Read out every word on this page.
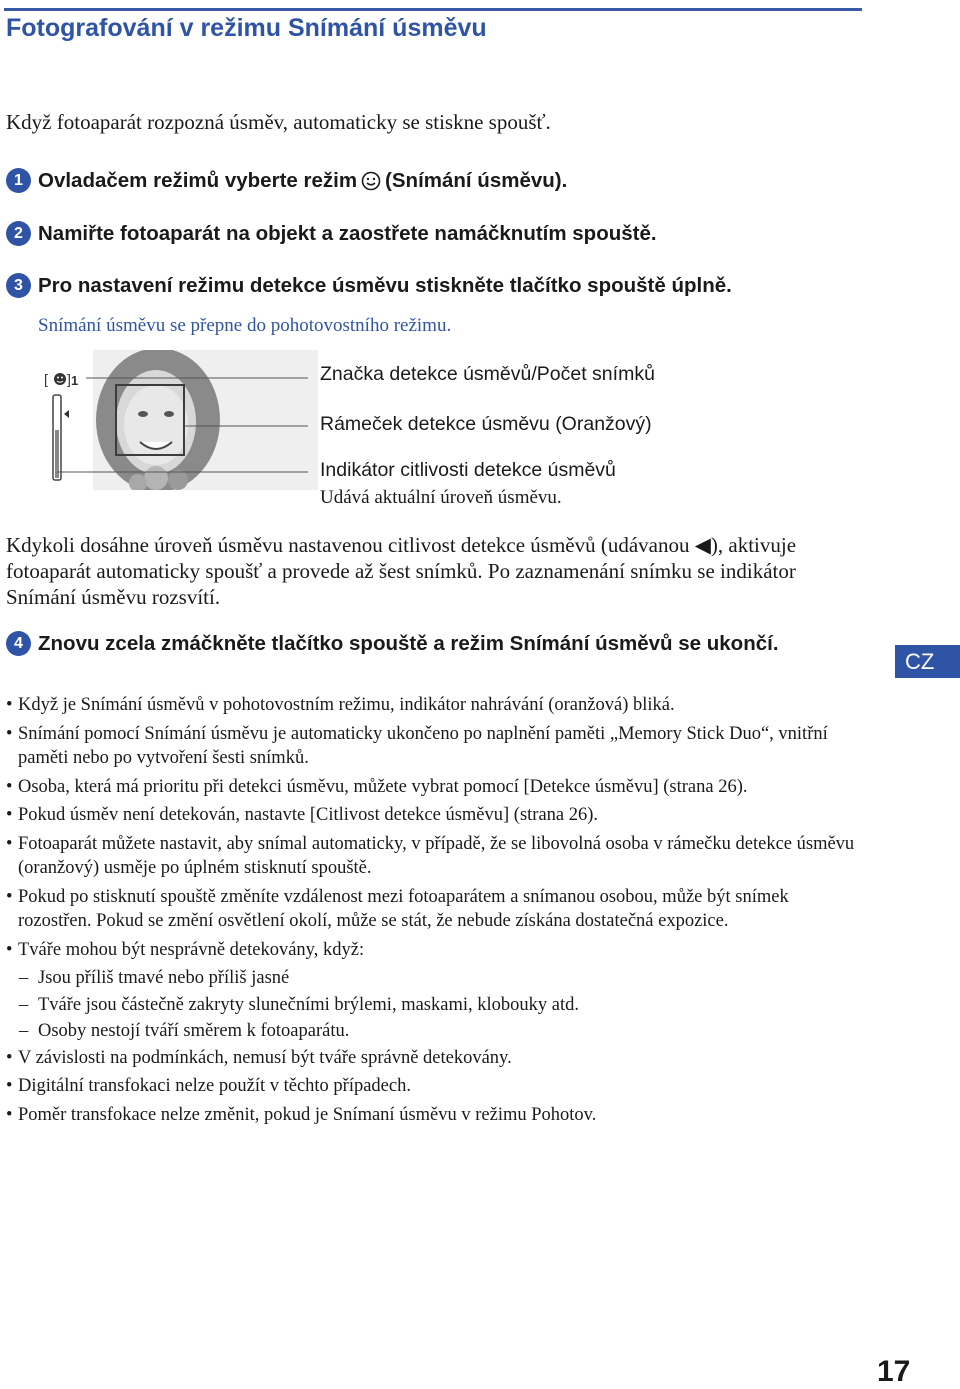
Fotografování v režimu Snímání úsměvu
Když fotoaparát rozpozná úsměv, automaticky se stiskne spoušť.
1 Ovladačem režimů vyberte režim (Snímání úsměvu).
2 Namiřte fotoaparát na objekt a zaostřete namáčknutím spouště.
3 Pro nastavení režimu detekce úsměvu stiskněte tlačítko spouště úplně.
Snímání úsměvu se přepne do pohotovostního režimu.
[ ] 1	Značka detekce úsměvů/Počet snímků
Rámeček detekce úsměvu (Oranžový)
Indikátor citlivosti detekce úsměvů
Udává aktuální úroveň úsměvu.
Kdykoli dosáhne úroveň úsměvu nastavenou citlivost detekce úsměvů (udávanou ◀), aktivuje fotoaparát automaticky spoušť a provede až šest snímků. Po zaznamenání snímku se indikátor Snímání úsměvu rozsvítí.
4 Znovu zcela zmáčkněte tlačítko spouště a režim Snímání úsměvů se ukončí.
CZ
• Když je Snímání úsměvů v pohotovostním režimu, indikátor nahrávání (oranžová) bliká.
• Snímání pomocí Snímání úsměvu je automaticky ukončeno po naplnění paměti „Memory Stick Duo“, vnitřní paměti nebo po vytvoření šesti snímků.
• Osoba, která má prioritu při detekci úsměvu, můžete vybrat pomocí [Detekce úsměvu] (strana 26).
• Pokud úsměv není detekován, nastavte [Citlivost detekce úsměvu] (strana 26).
• Fotoaparát můžete nastavit, aby snímal automaticky, v případě, že se libovolná osoba v rámečku detekce úsměvu (oranžový) usměje po úplném stisknutí spouště.
• Pokud po stisknutí spouště změníte vzdálenost mezi fotoaparátem a snímanou osobou, může být snímek rozostřen. Pokud se změní osvětlení okolí, může se stát, že nebude získána dostatečná expozice.
• Tváře mohou být nesprávně detekovány, když:
– Jsou příliš tmavé nebo příliš jasné
– Tváře jsou částečně zakryty slunečními brýlemi, maskami, klobouky atd.
– Osoby nestojí tváří směrem k fotoaparátu.
• V závislosti na podmínkách, nemusí být tváře správně detekovány.
• Digitální transfokaci nelze použít v těchto případech.
• Poměr transfokace nelze změnit, pokud je Snímaní úsměvu v režimu Pohotov.
17
